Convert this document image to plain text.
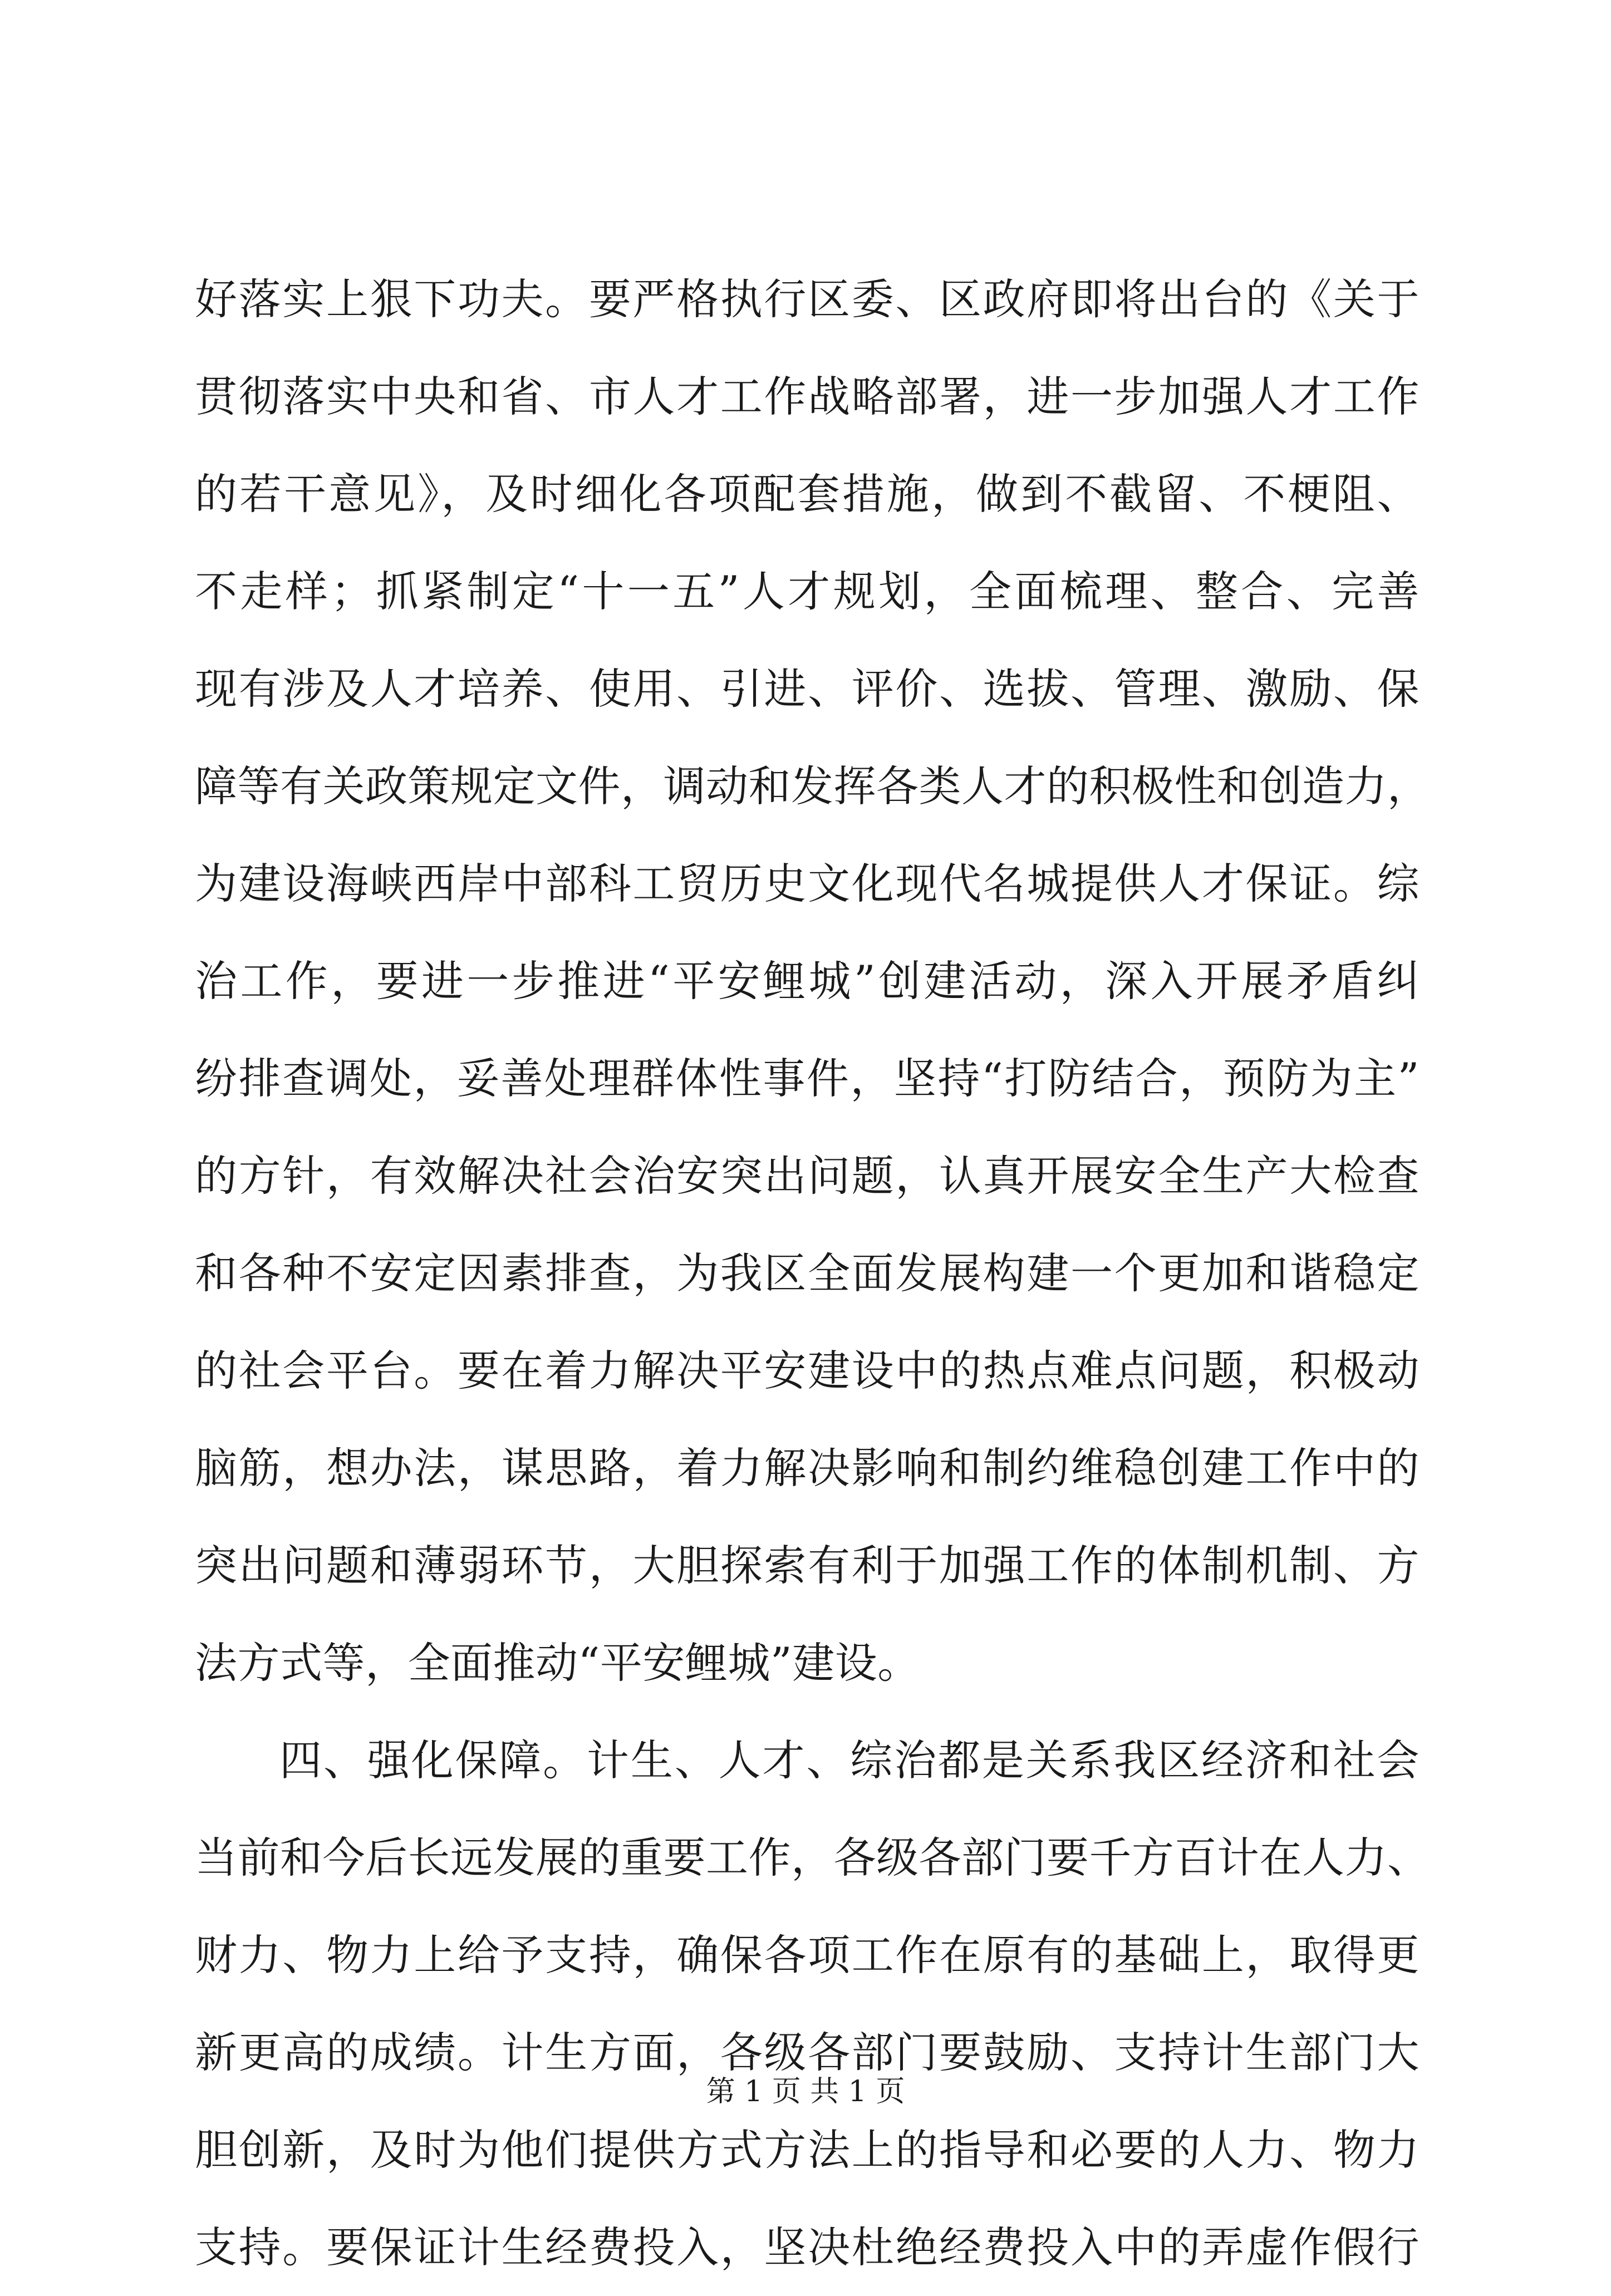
好落实上狠下功夫。要严格执行区委、区政府即将出台的《关于
贯彻落实中央和省、市人才工作战略部署，进一步加强人才工作
的若干意见》，及时细化各项配套措施，做到不截留、不梗阻、
不走样；抓紧制定“十一五”人才规划，全面梳理、整合、完善
现有涉及人才培养、使用、引进、评价、选拔、管理、激励、保
障等有关政策规定文件，调动和发挥各类人才的积极性和创造力，
为建设海峡西岸中部科工贸历史文化现代名城提供人才保证。综
治工作，要进一步推进“平安鲤城”创建活动，深入开展矛盾纠
纷排查调处，妥善处理群体性事件，坚持“打防结合，预防为主”
的方针，有效解决社会治安突出问题，认真开展安全生产大检查
和各种不安定因素排查，为我区全面发展构建一个更加和谐稳定
的社会平台。要在着力解决平安建设中的热点难点问题，积极动
脑筋，想办法，谋思路，着力解决影响和制约维稳创建工作中的
突出问题和薄弱环节，大胆探索有利于加强工作的体制机制、方
法方式等，全面推动“平安鲤城”建设。
四、强化保障。计生、人才、综治都是关系我区经济和社会
当前和今后长远发展的重要工作，各级各部门要千方百计在人力、
财力、物力上给予支持，确保各项工作在原有的基础上，取得更
新更高的成绩。计生方面，各级各部门要鼓励、支持计生部门大
胆创新，及时为他们提供方式方法上的指导和必要的人力、物力
支持。要保证计生经费投入，坚决杜绝经费投入中的弄虚作假行
第 1 页 共 1 页
